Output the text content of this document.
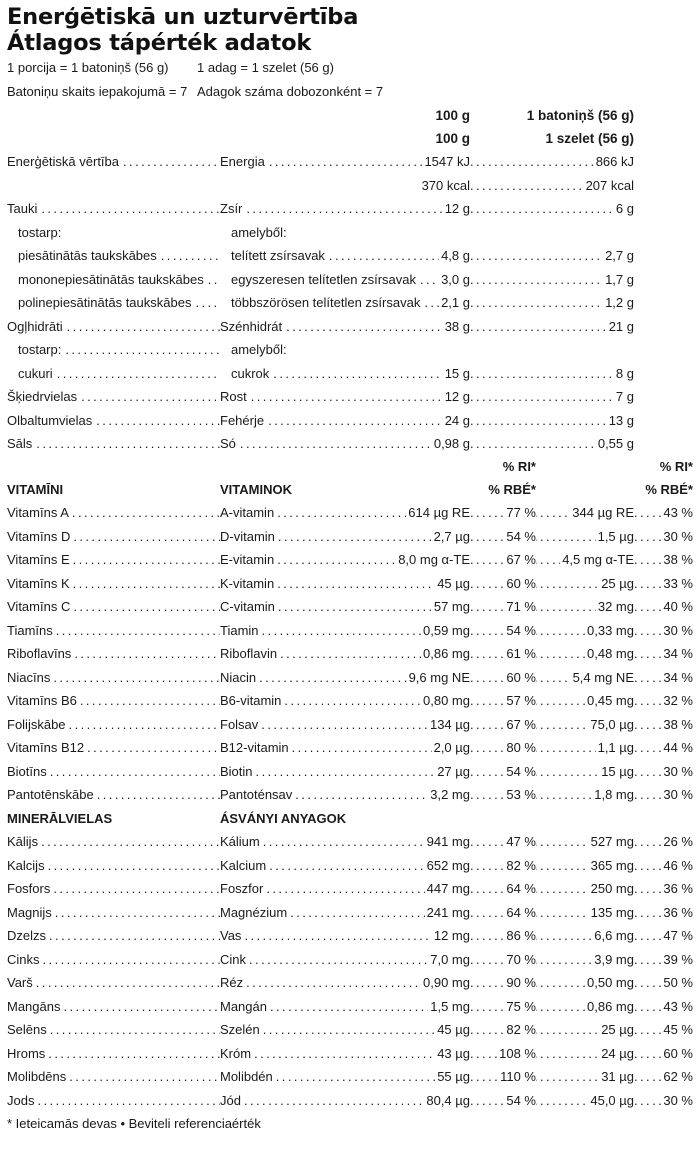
Enerģētiskā un uzturvērtība
Átlagos tápérték adatok
1 porcija = 1 batoniņš (56 g) 1 adag = 1 szelet (56 g)
Batoniņu skaits iepakojumā = 7 Adagok száma dobozonként = 7
100 g	1 batoniņš (56 g)
100 g	1 szelet (56 g)
Enerģētiskā vērtība . . .	Energia . . . . . .	1547 kJ	866 kJ
. . .
370 kcal	207 kcal
Tauki . . .	Zsír . . . . . .	12 g	6 g
tostarp:	amelyből:
piesātinātās taukskābes . . .	telített zsírsavak . . . . . .	4,8 g	2,7 g
mononepiesātinātās taukskābes . . .	egyszeresen telítetlen zsírsavak . . . . . .	3,0 g	1,7 g
polinepiesātinātās taukskābes . . .	többszörösen telítetlen zsírsavak . . . . . .	2,1 g	1,2 g
Ogļhidrāti . . .	Szénhidrát . . . . . .	38 g	21 g
tostarp: . . .	amelyből:
cukuri . . .	cukrok . . . . . .	15 g	8 g
Šķiedrvielas . . .	Rost . . . . . .	12 g	7 g
Olbaltumvielas . . .	Fehérje . . . . . .	24 g	13 g
Sāls . . .	Só . . . . . .	0,98 g	0,55 g
% RI*	% RI*
VITAMĪNI	VITAMINOK	% RBÉ*	% RBÉ*
Vitamīns A . . .	A-vitamin . . . . . . . . . . . .	614 µg RE	77 %	344 µg RE 43 %
Vitamīns D . . .	D-vitamin . . . . . . . . . . . .	2,7 µg	54 %	1,5 µg 30 %
Vitamīns E . . .	E-vitamin . . . . . . . . . . . .	8,0 mg α-TE	67 % 4,5 mg α-TE 38 %
Vitamīns K . . .	K-vitamin . . . . . . . . . . . .	45 µg	60 %	25 µg 33 %
Vitamīns C . . .	C-vitamin . . . . . . . . . . . .	57 mg	71 %	32 mg 40 %
Tiamīns . . .	Tiamin . . . . . . . . . . . .	0,59 mg	54 %	0,33 mg 30 %
Riboflavīns . . .	Riboflavin . . . . . . . . . . . .	0,86 mg	61 %	0,48 mg 34 %
Niacīns . . .	Niacin . . . . . . . . . . . .	9,6 mg NE	60 %	5,4 mg NE 34 %
Vitamīns B6 . . .	B6-vitamin . . . . . . . . . . . .	0,80 mg	57 %	0,45 mg 32 %
Folijskābe . . .	Folsav . . . . . . . . . . . .	134 µg	67 %	75,0 µg 38 %
Vitamīns B12 . . .	B12-vitamin . . . . . . . . . . . .	2,0 µg	80 %	1,1 µg 44 %
Biotīns . . .	Biotin . . . . . . . . . . . .	27 µg	54 %	15 µg 30 %
Pantotēnskābe . . .	Pantoténsav . . . . . . . . . . . .	3,2 mg	53 %	1,8 mg 30 %
MINERĀLVIELAS	ÁSVÁNYI ANYAGOK
Kālijs . . .	Kálium . . . . . . . . . . . .	941 mg	47 %	527 mg 26 %
Kalcijs . . .	Kalcium . . . . . . . . . . . .	652 mg	82 %	365 mg 46 %
Fosfors . . .	Foszfor . . . . . . . . . . . .	447 mg	64 %	250 mg 36 %
Magnijs . . .	Magnézium . . . . . . . . . . . .	241 mg	64 %	135 mg 36 %
Dzelzs . . .	Vas . . . . . . . . . . . .	12 mg	86 %	6,6 mg 47 %
Cinks . . .	Cink . . . . . . . . . . . .	7,0 mg	70 %	3,9 mg 39 %
Varš . . .	Réz . . . . . . . . . . . .	0,90 mg	90 %	0,50 mg 50 %
Mangāns . . .	Mangán . . . . . . . . . . . .	1,5 mg	75 %	0,86 mg 43 %
Selēns . . .	Szelén . . . . . . . . . . . .	45 µg	82 %	25 µg 45 %
Hroms . . .	Króm . . . . . . . . . . . .	43 µg 108 %	24 µg 60 %
Molibdēns . . .	Molibdén . . . . . . . . . . . .	55 µg 110 %	31 µg 62 %
Jods . . .	Jód . . . . . . . . . . . .	80,4 µg	54 %	45,0 µg 30 %
* Ieteicamās devas • Beviteli referenciaérték
